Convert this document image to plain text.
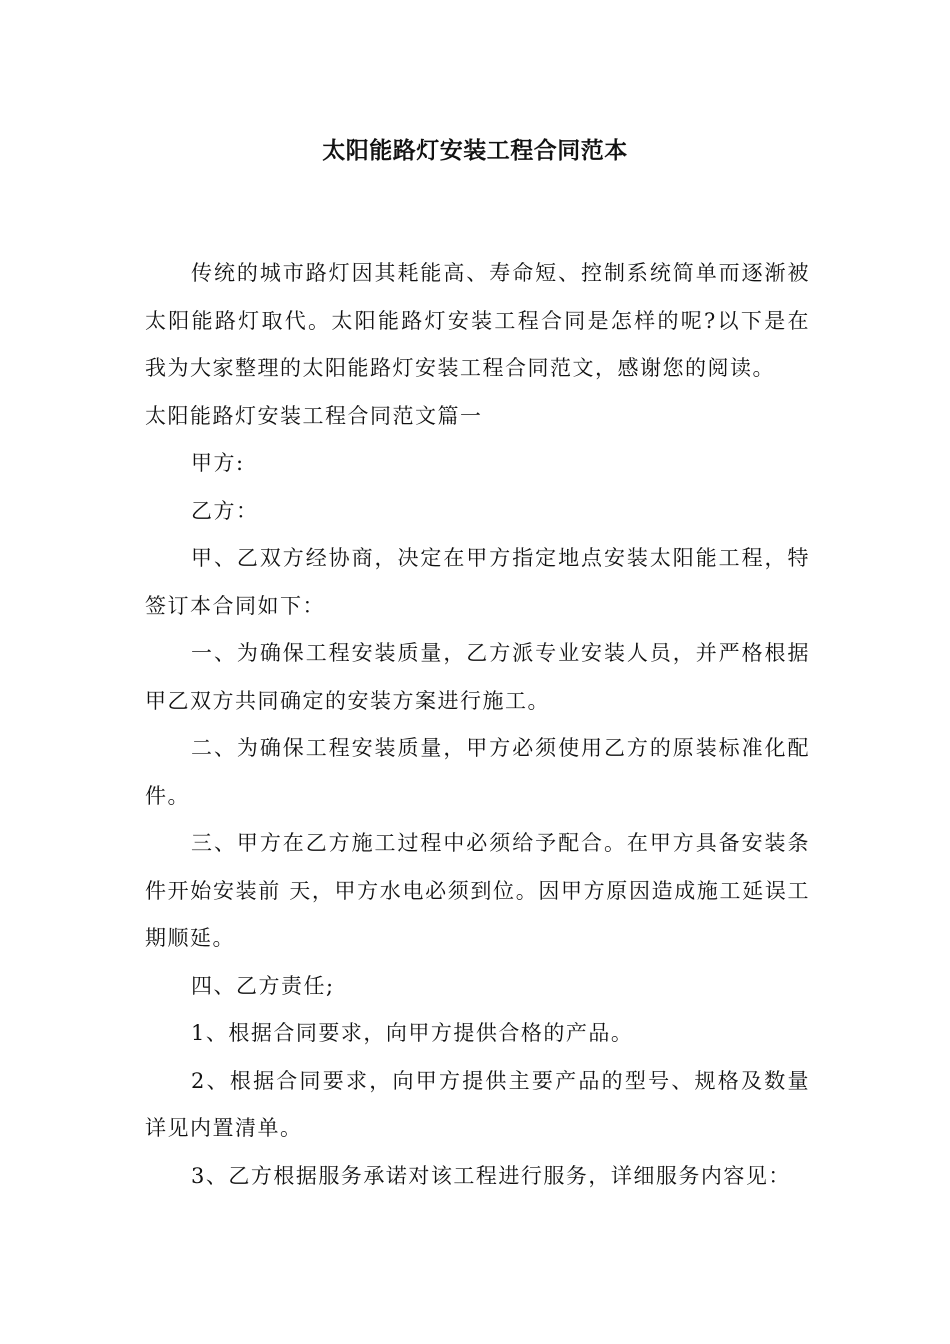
太阳能路灯安装工程合同范本

传统的城市路灯因其耗能高、寿命短、控制系统简单而逐渐被太阳能路灯取代。太阳能路灯安装工程合同是怎样的呢?以下是在我为大家整理的太阳能路灯安装工程合同范文，感谢您的阅读。

太阳能路灯安装工程合同范文篇一

甲方:

乙方：

甲、乙双方经协商，决定在甲方指定地点安装太阳能工程，特签订本合同如下：

一、为确保工程安装质量，乙方派专业安装人员，并严格根据甲乙双方共同确定的安装方案进行施工。

二、为确保工程安装质量，甲方必须使用乙方的原装标准化配件。

三、甲方在乙方施工过程中必须给予配合。在甲方具备安装条件开始安装前 天，甲方水电必须到位。因甲方原因造成施工延误工期顺延。

四、乙方责任;

1、根据合同要求，向甲方提供合格的产品。

2、根据合同要求，向甲方提供主要产品的型号、规格及数量详见内置清单。

3、乙方根据服务承诺对该工程进行服务，详细服务内容见：
